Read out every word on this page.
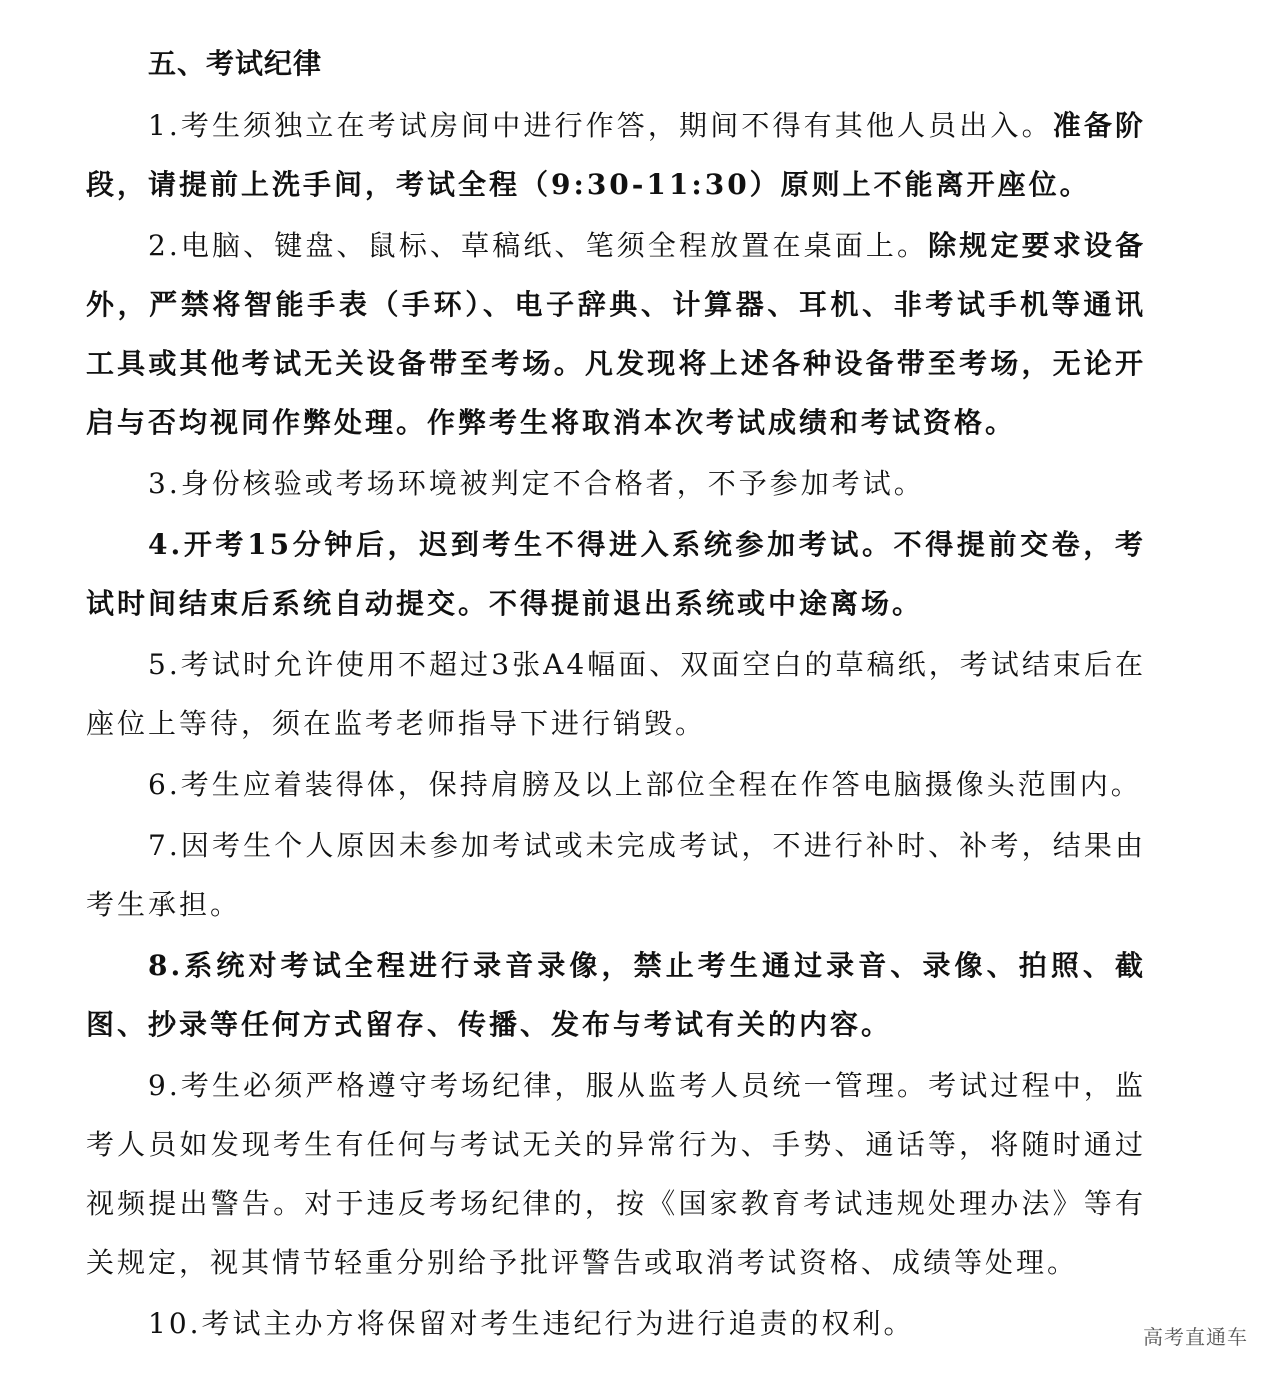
五、考试纪律

1.考生须独立在考试房间中进行作答，期间不得有其他人员出入。准备阶段，请提前上洗手间，考试全程（9:30-11:30）原则上不能离开座位。

2.电脑、键盘、鼠标、草稿纸、笔须全程放置在桌面上。除规定要求设备外，严禁将智能手表（手环）、电子辞典、计算器、耳机、非考试手机等通讯工具或其他考试无关设备带至考场。凡发现将上述各种设备带至考场，无论开启与否均视同作弊处理。作弊考生将取消本次考试成绩和考试资格。

3.身份核验或考场环境被判定不合格者，不予参加考试。

4.开考15分钟后，迟到考生不得进入系统参加考试。不得提前交卷，考试时间结束后系统自动提交。不得提前退出系统或中途离场。

5.考试时允许使用不超过3张A4幅面、双面空白的草稿纸，考试结束后在座位上等待，须在监考老师指导下进行销毁。

6.考生应着装得体，保持肩膀及以上部位全程在作答电脑摄像头范围内。

7.因考生个人原因未参加考试或未完成考试，不进行补时、补考，结果由考生承担。

8.系统对考试全程进行录音录像，禁止考生通过录音、录像、拍照、截图、抄录等任何方式留存、传播、发布与考试有关的内容。

9.考生必须严格遵守考场纪律，服从监考人员统一管理。考试过程中，监考人员如发现考生有任何与考试无关的异常行为、手势、通话等，将随时通过视频提出警告。对于违反考场纪律的，按《国家教育考试违规处理办法》等有关规定，视其情节轻重分别给予批评警告或取消考试资格、成绩等处理。

10.考试主办方将保留对考生违纪行为进行追责的权利。	高考直通车
